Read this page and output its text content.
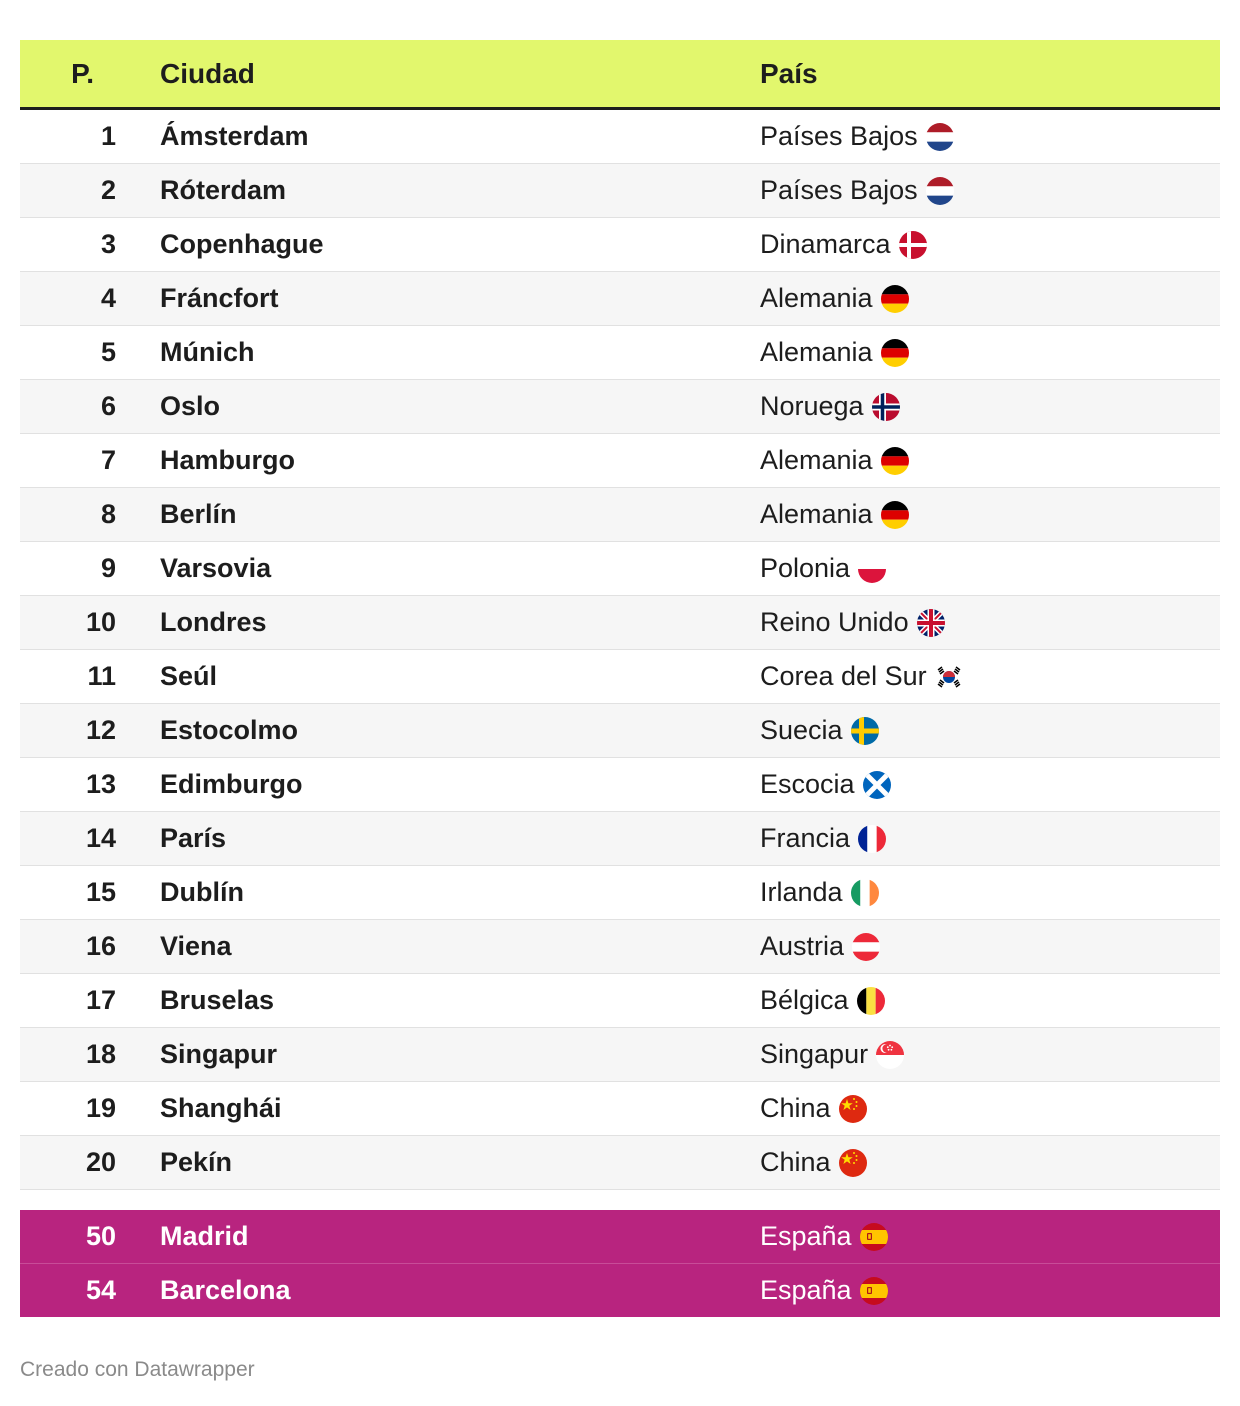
P.	Ciudad	País
1	Ámsterdam	Países Bajos
2	Róterdam	Países Bajos
3	Copenhague	Dinamarca
4	Fráncfort	Alemania
5	Múnich	Alemania
6	Oslo	Noruega
7	Hamburgo	Alemania
8	Berlín	Alemania
9	Varsovia	Polonia
10	Londres	Reino Unido
11	Seúl	Corea del Sur
12	Estocolmo	Suecia
13	Edimburgo	Escocia
14	París	Francia
15	Dublín	Irlanda
16	Viena	Austria
17	Bruselas	Bélgica
18	Singapur	Singapur
19	Shanghái	China
20	Pekín	China
50	Madrid	España
54	Barcelona	España
Creado con Datawrapper
